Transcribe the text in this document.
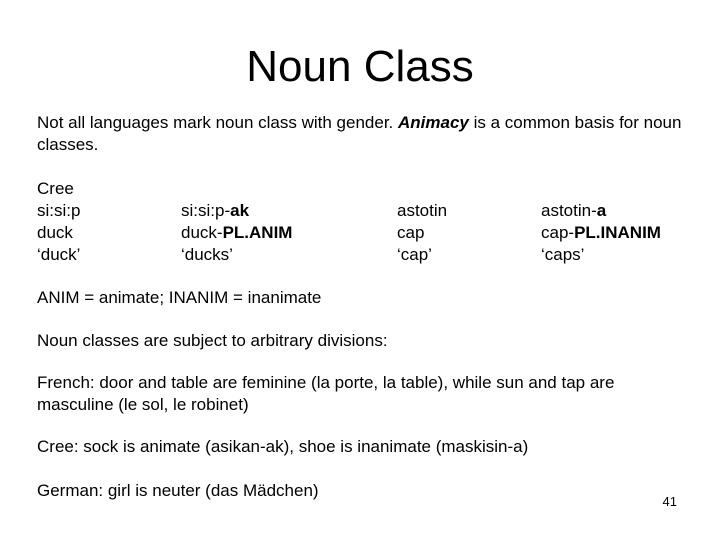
Noun Class
Not all languages mark noun class with gender. Animacy is a common basis for noun classes.
Cree
si:si:p
duck
‘duck’
si:si:p-ak
duck-PL.ANIM
‘ducks’
astotin
cap
‘cap’
astotin-a
cap-PL.INANIM
‘caps’
ANIM = animate; INANIM = inanimate
Noun classes are subject to arbitrary divisions:
French: door and table are feminine (la porte, la table), while sun and tap are masculine (le sol, le robinet)
Cree: sock is animate (asikan-ak), shoe is inanimate (maskisin-a)
German: girl is neuter (das Mädchen)
41
